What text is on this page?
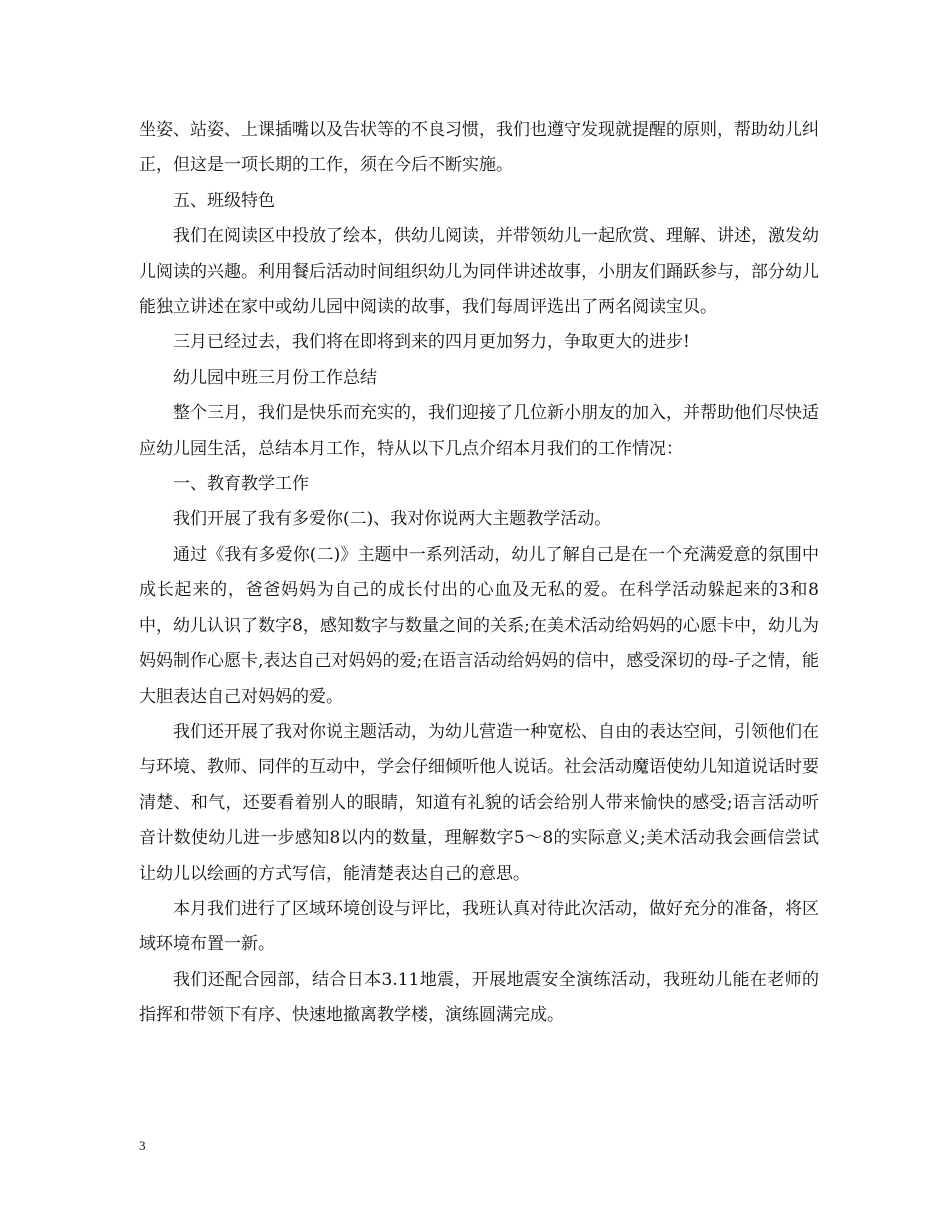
坐姿、站姿、上课插嘴以及告状等的不良习惯，我们也遵守发现就提醒的原则，帮助幼儿纠正，但这是一项长期的工作，须在今后不断实施。

五、班级特色

我们在阅读区中投放了绘本，供幼儿阅读，并带领幼儿一起欣赏、理解、讲述，激发幼儿阅读的兴趣。利用餐后活动时间组织幼儿为同伴讲述故事，小朋友们踊跃参与，部分幼儿能独立讲述在家中或幼儿园中阅读的故事，我们每周评选出了两名阅读宝贝。

三月已经过去，我们将在即将到来的四月更加努力，争取更大的进步!

幼儿园中班三月份工作总结

整个三月，我们是快乐而充实的，我们迎接了几位新小朋友的加入，并帮助他们尽快适应幼儿园生活，总结本月工作，特从以下几点介绍本月我们的工作情况：

一、教育教学工作

我们开展了我有多爱你(二)、我对你说两大主题教学活动。

通过《我有多爱你(二)》主题中一系列活动，幼儿了解自己是在一个充满爱意的氛围中成长起来的，爸爸妈妈为自己的成长付出的心血及无私的爱。在科学活动躲起来的3和8中，幼儿认识了数字8，感知数字与数量之间的关系;在美术活动给妈妈的心愿卡中，幼儿为妈妈制作心愿卡,表达自己对妈妈的爱;在语言活动给妈妈的信中，感受深切的母-子之情，能大胆表达自己对妈妈的爱。

我们还开展了我对你说主题活动，为幼儿营造一种宽松、自由的表达空间，引领他们在与环境、教师、同伴的互动中，学会仔细倾听他人说话。社会活动魔语使幼儿知道说话时要清楚、和气，还要看着别人的眼睛，知道有礼貌的话会给别人带来愉快的感受;语言活动听音计数使幼儿进一步感知8以内的数量，理解数字5～8的实际意义;美术活动我会画信尝试让幼儿以绘画的方式写信，能清楚表达自己的意思。

本月我们进行了区域环境创设与评比，我班认真对待此次活动，做好充分的准备，将区域环境布置一新。

我们还配合园部，结合日本3.11地震，开展地震安全演练活动，我班幼儿能在老师的指挥和带领下有序、快速地撤离教学楼，演练圆满完成。

3
